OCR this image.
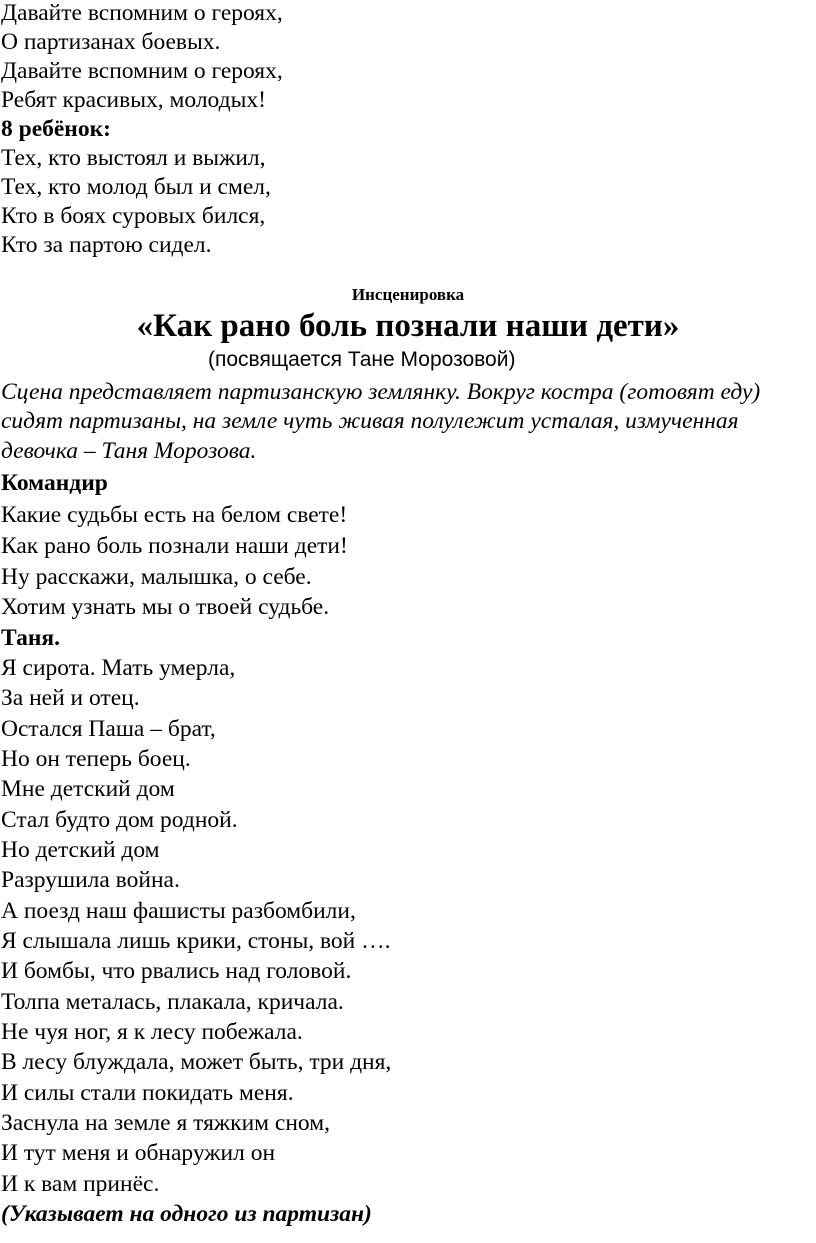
Давайте вспомним о героях,
О партизанах боевых.
Давайте вспомним о героях,
Ребят красивых, молодых!
8 ребёнок:
Тех, кто выстоял и выжил,
Тех, кто молод был и смел,
Кто в боях суровых бился,
Кто за партою сидел.
Инсценировка
«Как рано боль познали наши дети»
(посвящается Тане Морозовой)
Сцена представляет партизанскую землянку. Вокруг костра (готовят еду)
сидят партизаны, на земле чуть живая полулежит усталая, измученная
девочка – Таня Морозова.
Командир
Какие судьбы есть на белом свете!
Как рано боль познали наши дети!
Ну расскажи, малышка, о себе.
Хотим узнать мы о твоей судьбе.
Таня.
Я сирота. Мать умерла,
За ней и отец.
Остался Паша – брат,
Но он теперь боец.
Мне детский дом
Стал будто дом родной.
Но детский дом
Разрушила война.
А поезд наш фашисты разбомбили,
Я слышала лишь крики, стоны, вой ….
И бомбы, что рвались над головой.
Толпа металась, плакала, кричала.
Не чуя ног, я к лесу побежала.
В лесу блуждала, может быть, три дня,
И силы стали покидать меня.
Заснула на земле я тяжким сном,
И тут меня и обнаружил он
И к вам принёс.
(Указывает на одного из партизан)
